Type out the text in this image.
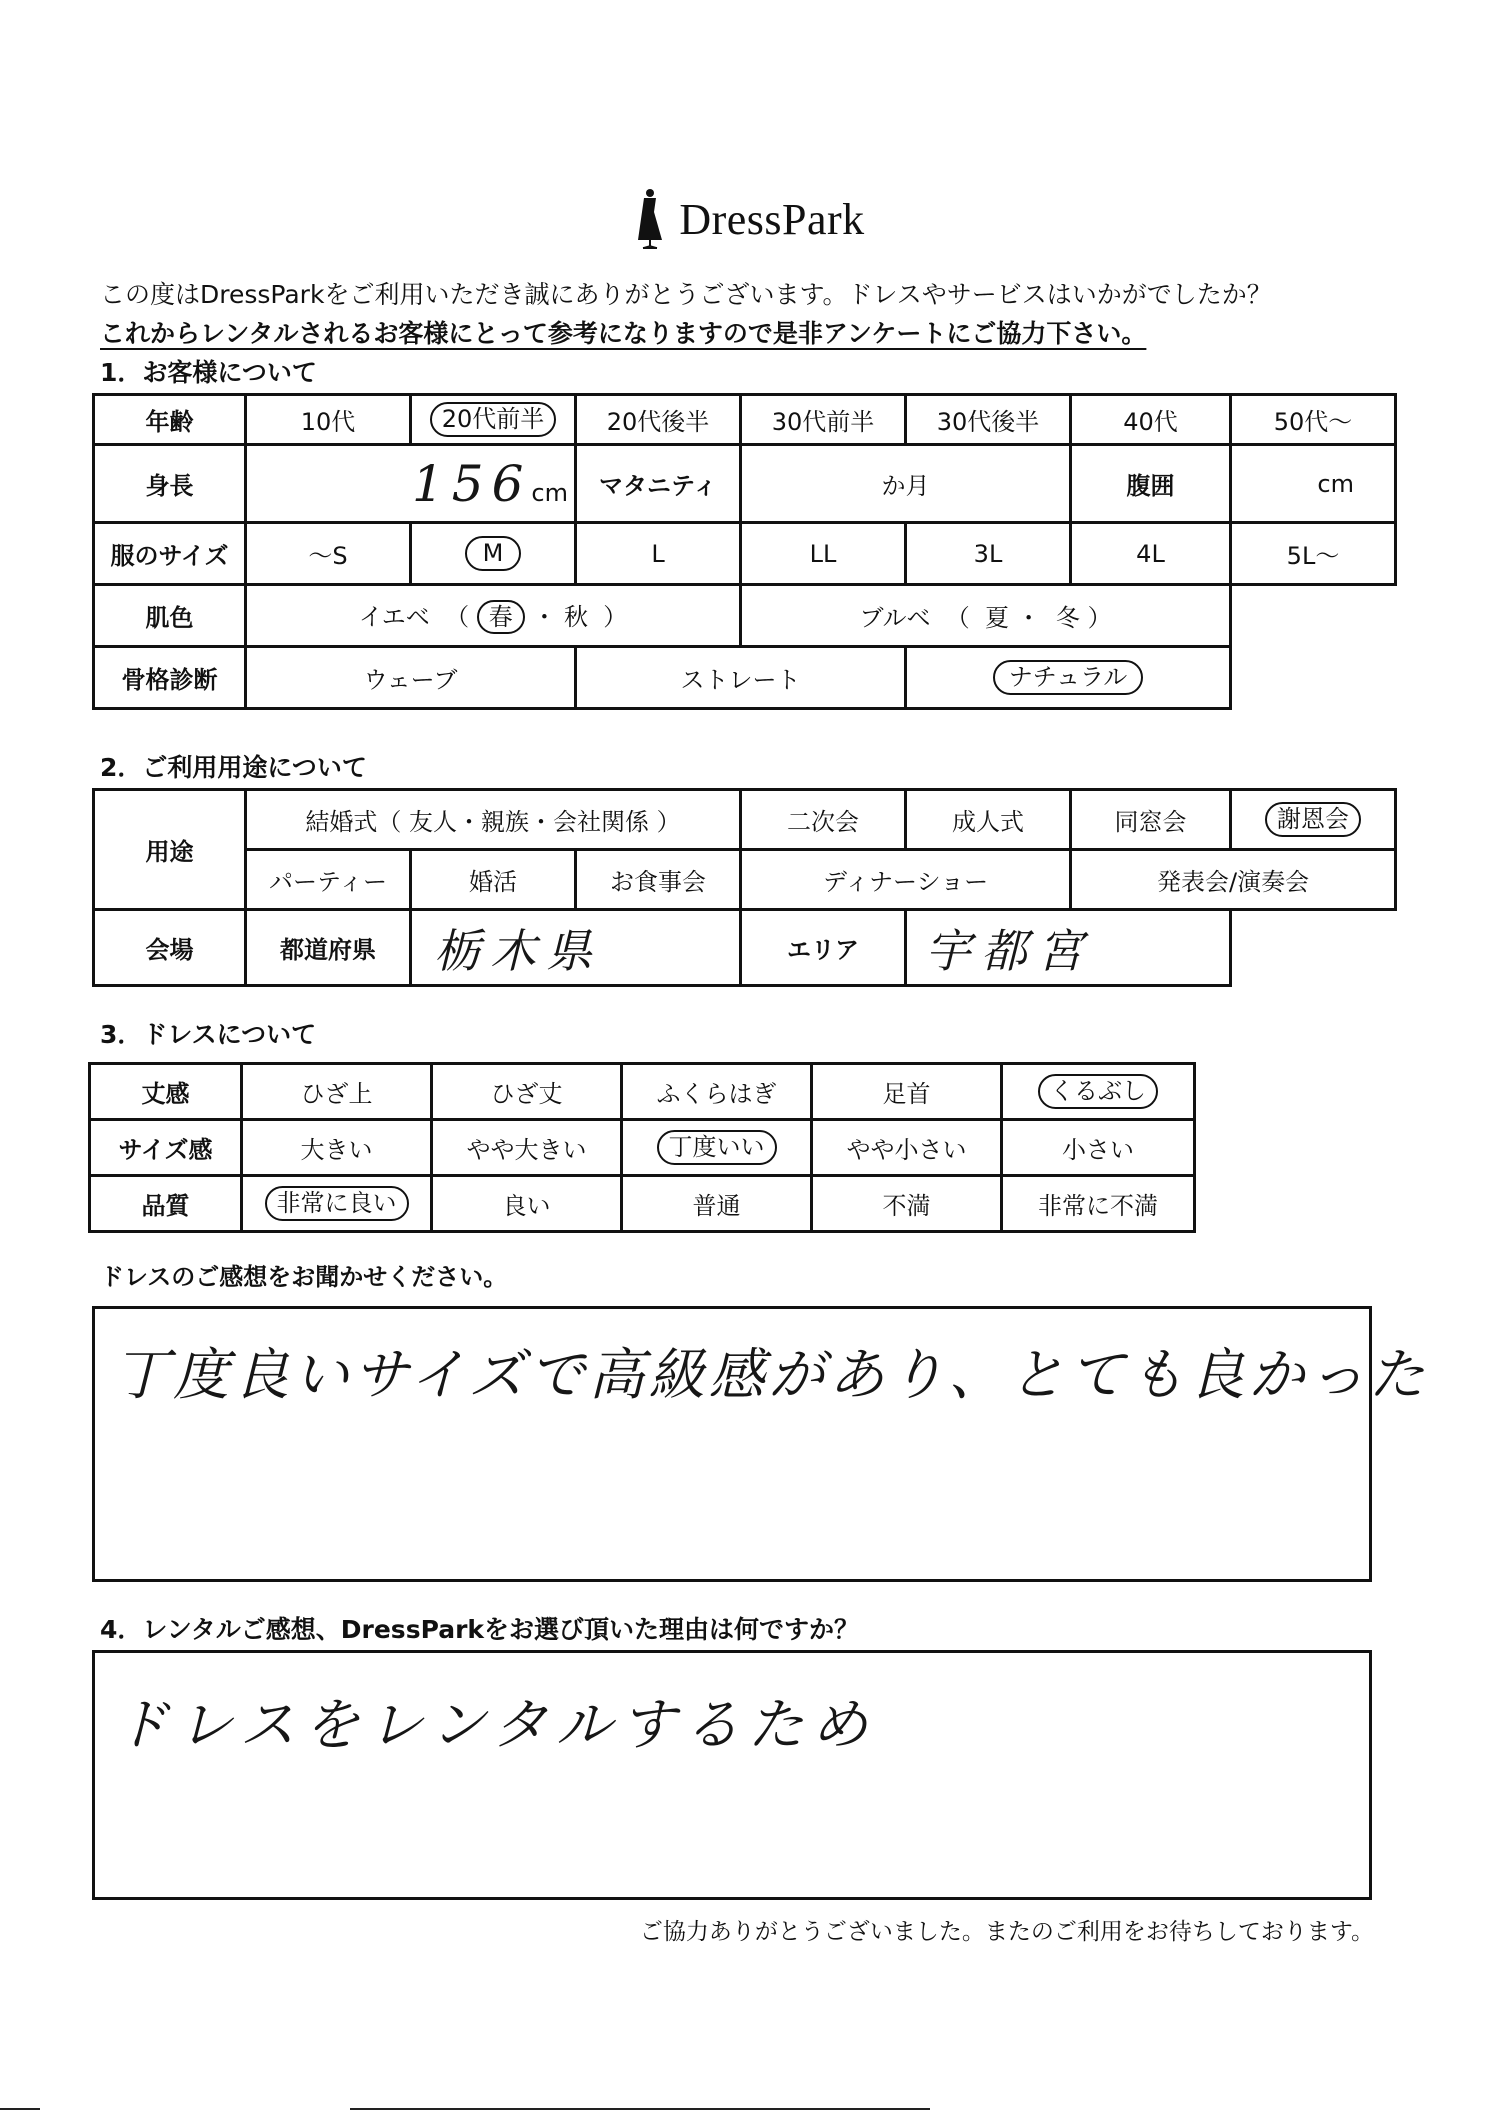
DressPark
この度はDressParkをご利用いただき誠にありがとうございます。ドレスやサービスはいかがでしたか？
これからレンタルされるお客様にとって参考になりますので是非アンケートにご協力下さい。
1．お客様について
年齢	10代	20代前半	20代後半	30代前半	30代後半	40代	50代～
身長	156cm		マタニティ	か月		腹囲	cm
服のサイズ	～S	M	L	LL	3L	4L	5L～
肌色	イエベ （ 春 ・ 秋 ）			ブルベ （ 夏 ・ 冬 ）			
骨格診断	ウェーブ		ストレート		ナチュラル		
2．ご利用用途について
用途	結婚式（ 友人・親族・会社関係 ）			二次会	成人式	同窓会	謝恩会
	パーティー	婚活	お食事会	ディナーショー		発表会/演奏会	
会場	都道府県	栃木県		エリア	宇都宮		
3．ドレスについて
丈感	ひざ上	ひざ丈	ふくらはぎ	足首	くるぶし
サイズ感	大きい	やや大きい	丁度いい	やや小さい	小さい
品質	非常に良い	良い	普通	不満	非常に不満
ドレスのご感想をお聞かせください。
丁度良いサイズで高級感があり、とても良かった
4．レンタルご感想、DressParkをお選び頂いた理由は何ですか？
ドレスをレンタルするため
ご協力ありがとうございました。またのご利用をお待ちしております。
